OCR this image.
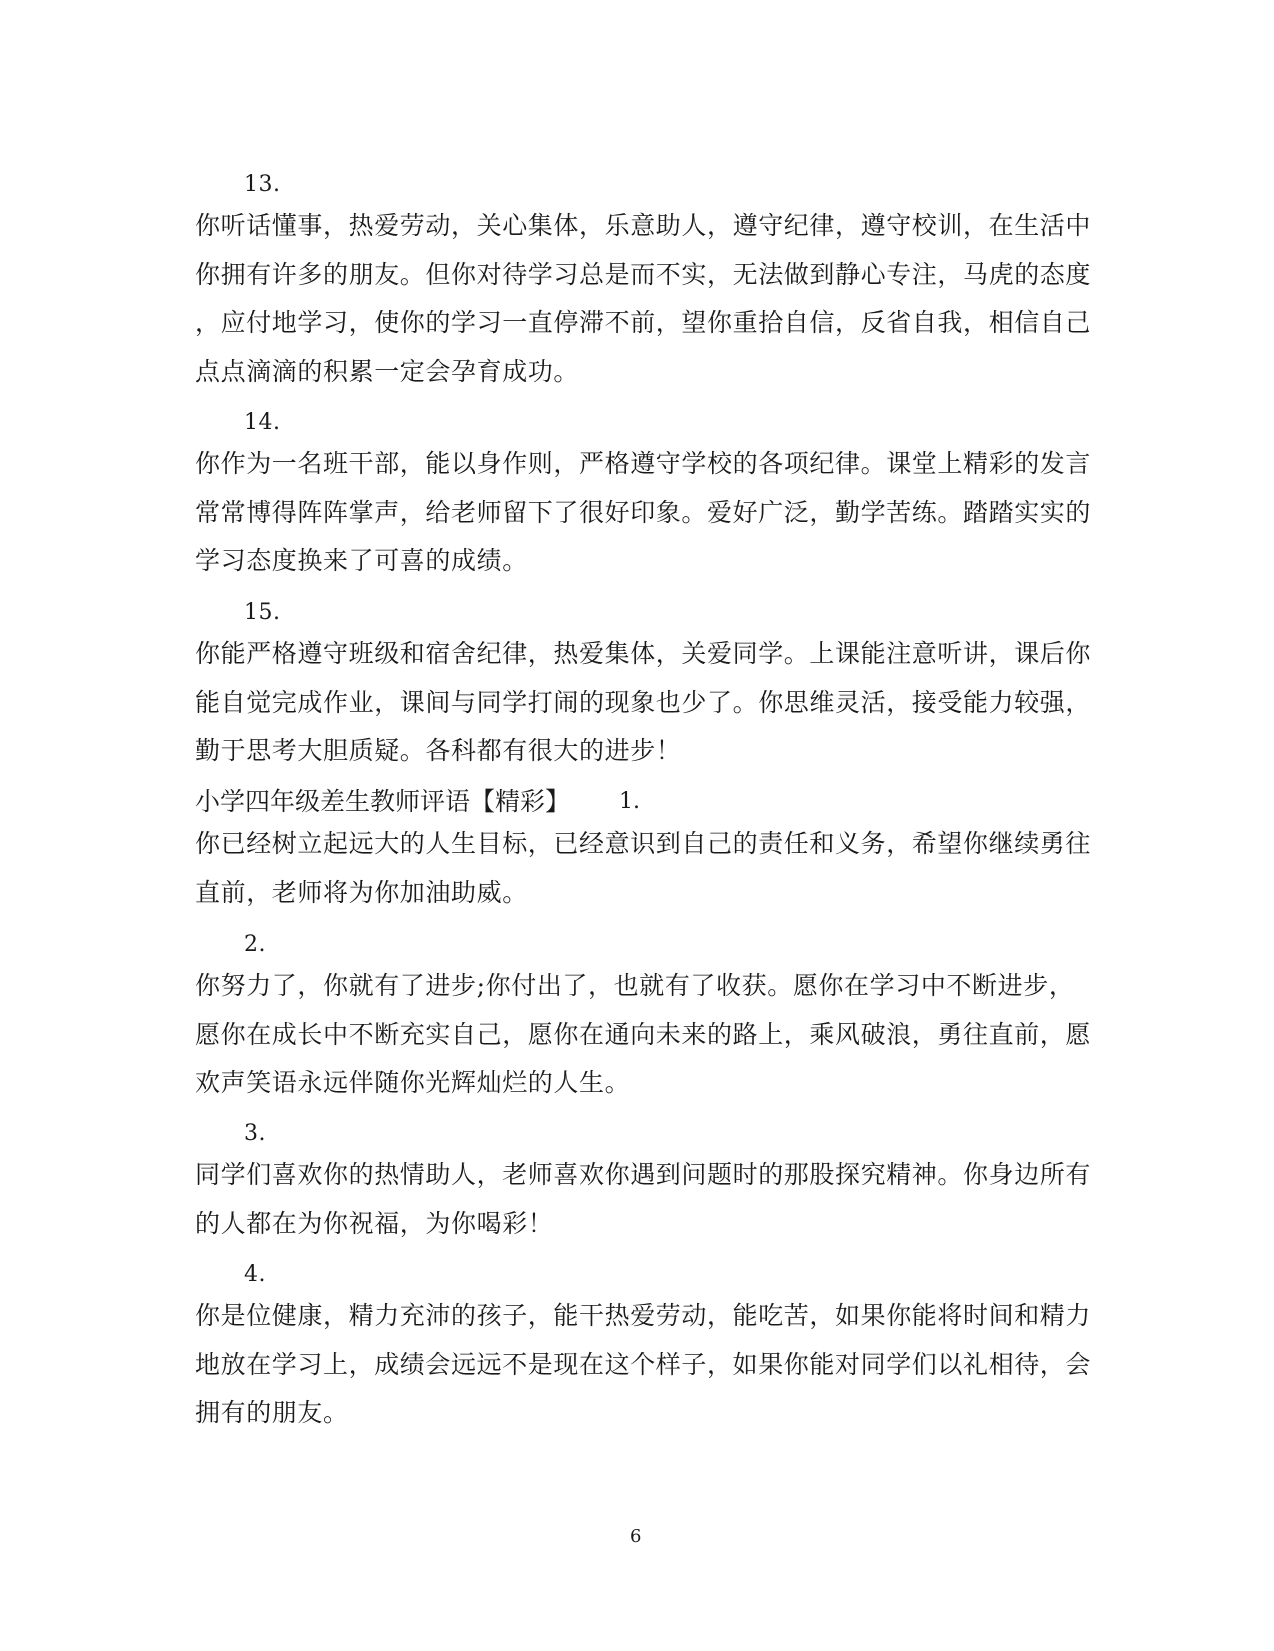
13.
你听话懂事，热爱劳动，关心集体，乐意助人，遵守纪律，遵守校训，在生活中
你拥有许多的朋友。但你对待学习总是而不实，无法做到静心专注，马虎的态度
，应付地学习，使你的学习一直停滞不前，望你重拾自信，反省自我，相信自己
点点滴滴的积累一定会孕育成功。
14.
你作为一名班干部，能以身作则，严格遵守学校的各项纪律。课堂上精彩的发言
常常博得阵阵掌声，给老师留下了很好印象。爱好广泛，勤学苦练。踏踏实实的
学习态度换来了可喜的成绩。
15.
你能严格遵守班级和宿舍纪律，热爱集体，关爱同学。上课能注意听讲，课后你
能自觉完成作业，课间与同学打闹的现象也少了。你思维灵活，接受能力较强，
勤于思考大胆质疑。各科都有很大的进步！
小学四年级差生教师评语【精彩】 1.
你已经树立起远大的人生目标，已经意识到自己的责任和义务，希望你继续勇往
直前，老师将为你加油助威。
2.
你努力了，你就有了进步;你付出了，也就有了收获。愿你在学习中不断进步，
愿你在成长中不断充实自己，愿你在通向未来的路上，乘风破浪，勇往直前，愿
欢声笑语永远伴随你光辉灿烂的人生。
3.
同学们喜欢你的热情助人，老师喜欢你遇到问题时的那股探究精神。你身边所有
的人都在为你祝福，为你喝彩！
4.
你是位健康，精力充沛的孩子，能干热爱劳动，能吃苦，如果你能将时间和精力
地放在学习上，成绩会远远不是现在这个样子，如果你能对同学们以礼相待，会
拥有的朋友。
6
